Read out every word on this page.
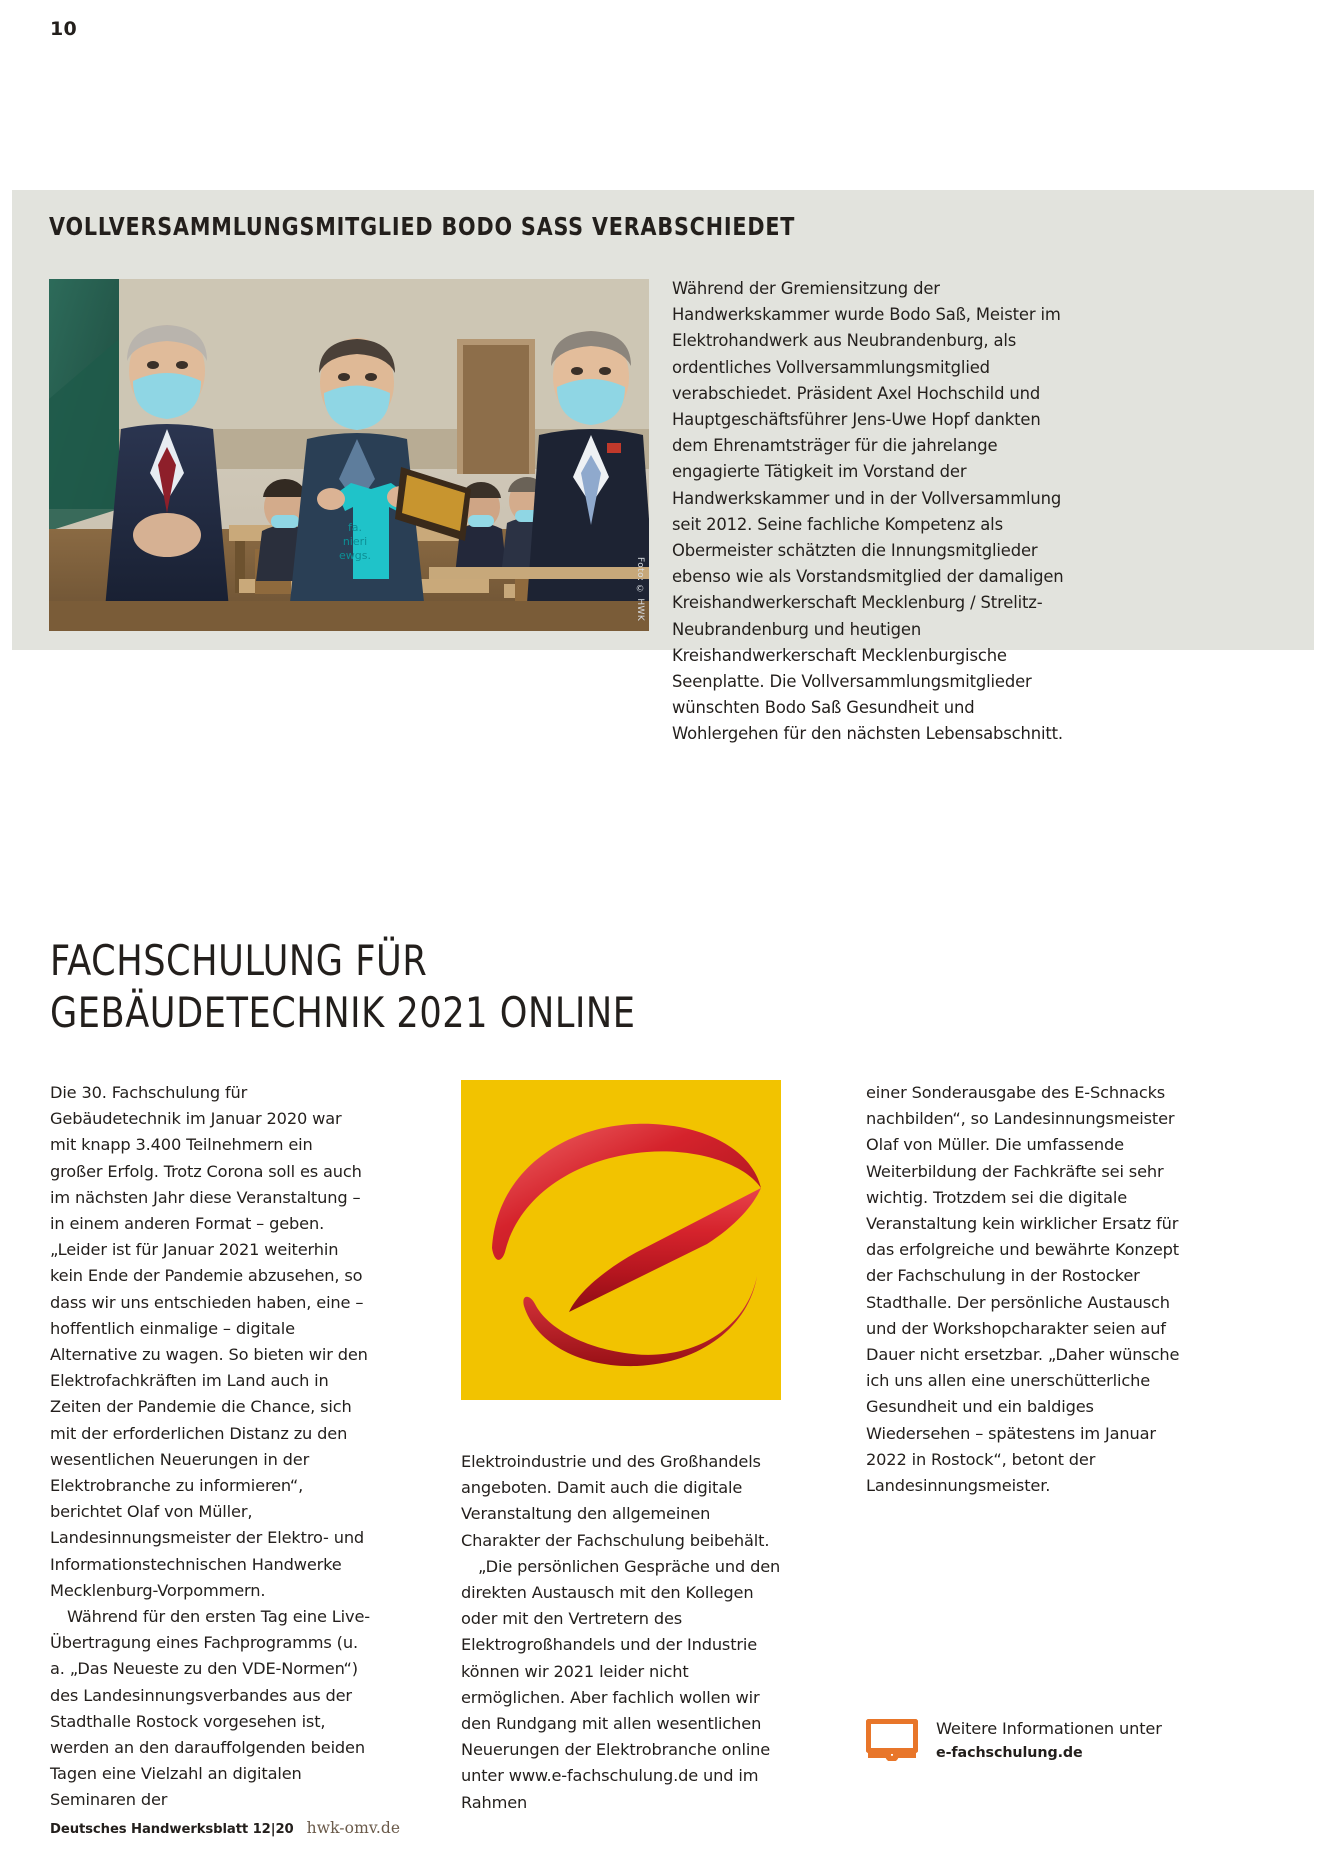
10
VOLLVERSAMMLUNGSMITGLIED BODO SASS VERABSCHIEDET
fa.
nieri
ewgs.
Foto: © HWK
Während der Gremiensitzung der Handwerkskammer wurde Bodo Saß, Meister im Elektrohandwerk aus Neubrandenburg, als ordentliches Vollversammlungsmitglied verabschiedet. Präsident Axel Hochschild und Hauptgeschäftsführer Jens-Uwe Hopf dankten dem Ehrenamtsträger für die jahrelange engagierte Tätigkeit im Vorstand der Handwerkskammer und in der Vollversammlung seit 2012. Seine fachliche Kompetenz als Obermeister schätzten die Innungsmitglieder ebenso wie als Vorstandsmitglied der damaligen Kreishandwerkerschaft Mecklenburg / Strelitz-Neubrandenburg und heutigen Kreishandwerkerschaft Mecklenburgische Seenplatte. Die Vollversammlungsmitglieder wünschten Bodo Saß Gesundheit und Wohlergehen für den nächsten Lebensabschnitt.
FACHSCHULUNG FÜR GEBÄUDETECHNIK 2021 ONLINE

Die 30. Fachschulung für Gebäudetechnik im Januar 2020 war mit knapp 3.400 Teilnehmern ein großer Erfolg. Trotz Corona soll es auch im nächsten Jahr diese Veranstaltung – in einem anderen Format – geben. „Leider ist für Januar 2021 weiterhin kein Ende der Pandemie abzusehen, so dass wir uns entschieden haben, eine – hoffentlich einmalige – digitale Alternative zu wagen. So bieten wir den Elektrofachkräften im Land auch in Zeiten der Pandemie die Chance, sich mit der erforderlichen Distanz zu den wesentlichen Neuerungen in der Elektrobranche zu informieren“, berichtet Olaf von Müller, Landesinnungsmeister der Elektro- und Informationstechnischen Handwerke Mecklenburg-Vorpommern.

Während für den ersten Tag eine Live-Übertragung eines Fachprogramms (u. a. „Das Neueste zu den VDE-Normen“) des Landesinnungsverbandes aus der Stadthalle Rostock vorgesehen ist, werden an den darauffolgenden beiden Tagen eine Vielzahl an digitalen Seminaren der

Elektroindustrie und des Großhandels angeboten. Damit auch die digitale Veranstaltung den allgemeinen Charakter der Fachschulung beibehält.

„Die persönlichen Gespräche und den direkten Austausch mit den Kollegen oder mit den Vertretern des Elektrogroßhandels und der Industrie können wir 2021 leider nicht ermöglichen. Aber fachlich wollen wir den Rundgang mit allen wesentlichen Neuerungen der Elektrobranche online unter www.e-fachschulung.de und im Rahmen

einer Sonderausgabe des E-Schnacks nachbilden“, so Landesinnungsmeister Olaf von Müller. Die umfassende Weiterbildung der Fachkräfte sei sehr wichtig. Trotzdem sei die digitale Veranstaltung kein wirklicher Ersatz für das erfolgreiche und bewährte Konzept der Fachschulung in der Rostocker Stadthalle. Der persönliche Austausch und der Workshopcharakter seien auf Dauer nicht ersetzbar. „Daher wünsche ich uns allen eine unerschütterliche Gesundheit und ein baldiges Wiedersehen – spätestens im Januar 2022 in Rostock“, betont der Landesinnungsmeister.

Weitere Informationen unter
e-fachschulung.de
Deutsches Handwerksblatt 12|20 hwk-omv.de
